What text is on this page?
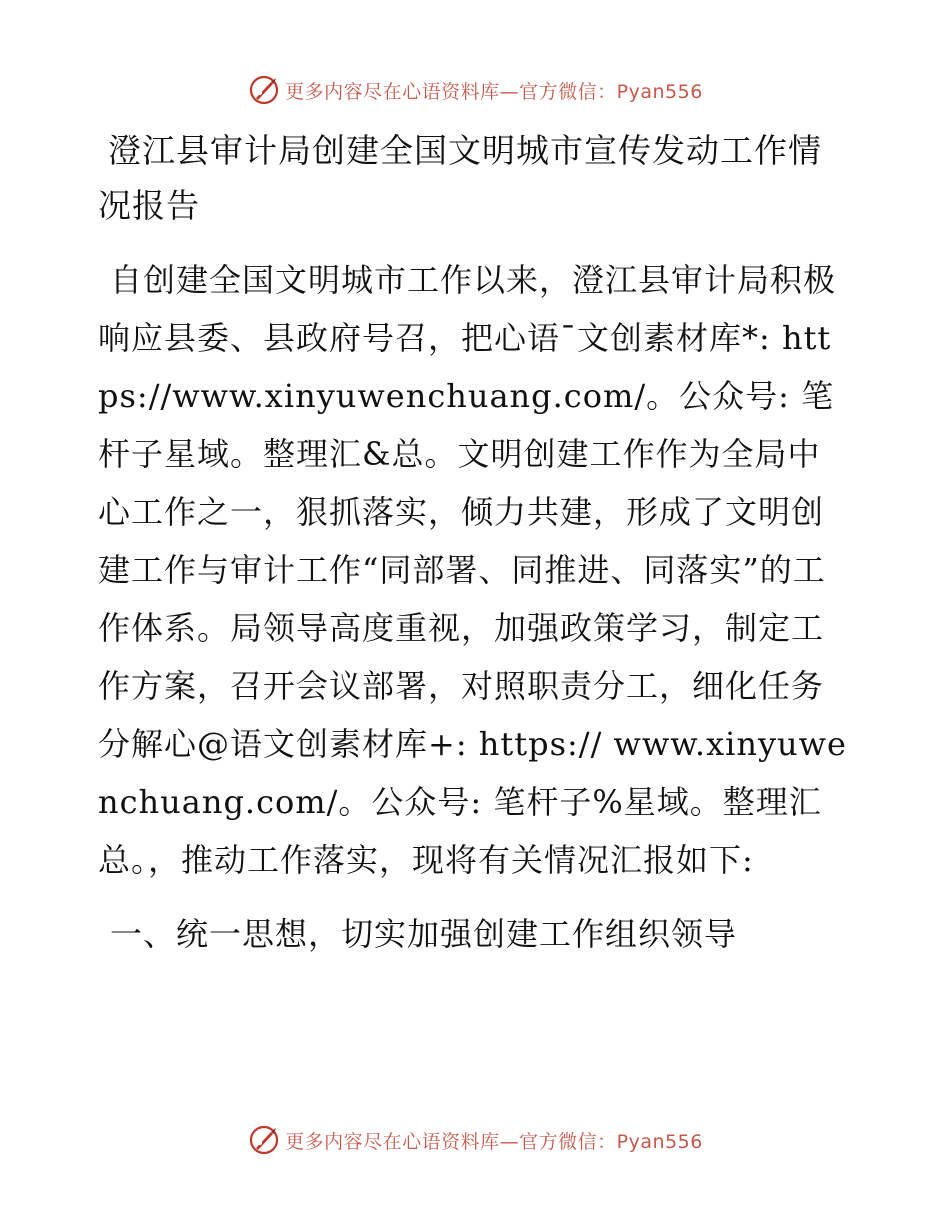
更多内容尽在心语资料库—官方微信：Pyan556
澄江县审计局创建全国文明城市宣传发动工作情况报告

自创建全国文明城市工作以来，澄江县审计局积极响应县委、县政府号召，把心语¯文创素材库*: https://www.xinyuwenchuang.com/。公众号: 笔杆子星域。整理汇&总。文明创建工作作为全局中心工作之一，狠抓落实，倾力共建，形成了文明创建工作与审计工作“同部署、同推进、同落实”的工作体系。局领导高度重视，加强政策学习，制定工作方案，召开会议部署，对照职责分工，细化任务分解心@语文创素材库+: https:// www.xinyuwenchuang.com/。公众号: 笔杆子%星域。整理汇总。，推动工作落实，现将有关情况汇报如下:

一、统一思想，切实加强创建工作组织领导
更多内容尽在心语资料库—官方微信：Pyan556
